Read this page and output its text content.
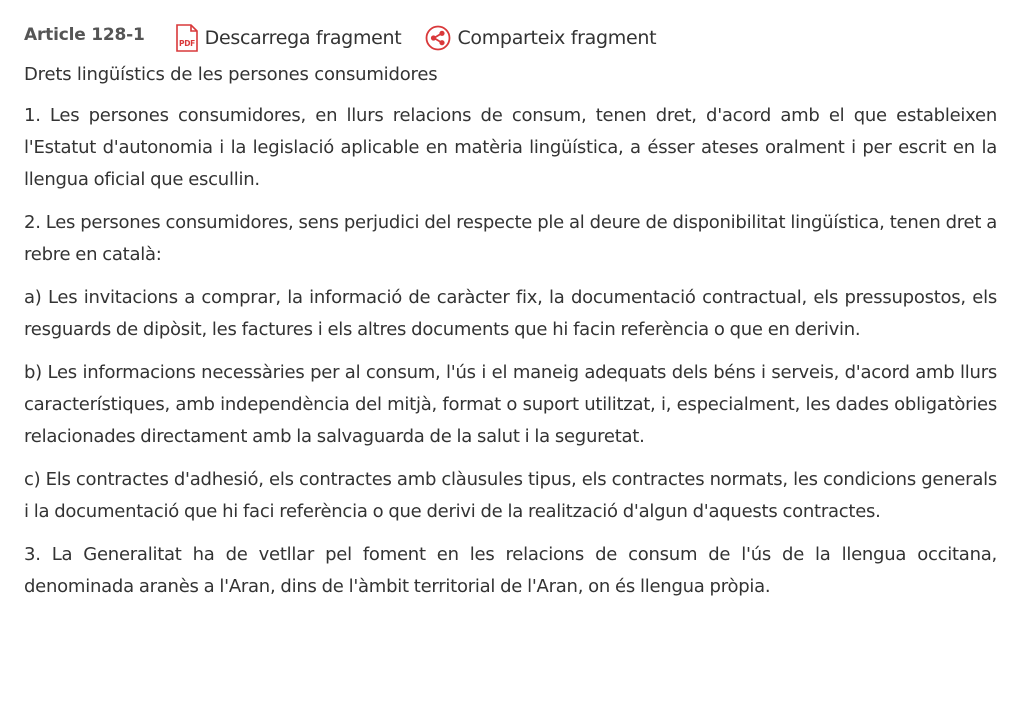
Article 128-1	PDF Descarrega fragment	Comparteix fragment
Drets lingüístics de les persones consumidores

1. Les persones consumidores, en llurs relacions de consum, tenen dret, d'acord amb el que estableixen l'Estatut d'autonomia i la legislació aplicable en matèria lingüística, a ésser ateses oralment i per escrit en la llengua oficial que escullin.

2. Les persones consumidores, sens perjudici del respecte ple al deure de disponibilitat lingüística, tenen dret a rebre en català:

a) Les invitacions a comprar, la informació de caràcter fix, la documentació contractual, els pressupostos, els resguards de dipòsit, les factures i els altres documents que hi facin referència o que en derivin.

b) Les informacions necessàries per al consum, l'ús i el maneig adequats dels béns i serveis, d'acord amb llurs característiques, amb independència del mitjà, format o suport utilitzat, i, especialment, les dades obligatòries relacionades directament amb la salvaguarda de la salut i la seguretat.

c) Els contractes d'adhesió, els contractes amb clàusules tipus, els contractes normats, les condicions generals i la documentació que hi faci referència o que derivi de la realització d'algun d'aquests contractes.

3. La Generalitat ha de vetllar pel foment en les relacions de consum de l'ús de la llengua occitana, denominada aranès a l'Aran, dins de l'àmbit territorial de l'Aran, on és llengua pròpia.
